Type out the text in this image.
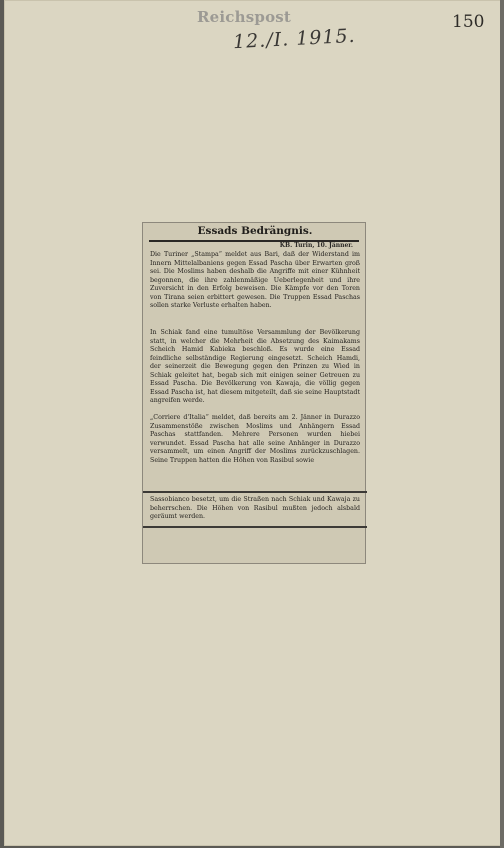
Reichspost	150
12./I. 1915.
Essads Bedrängnis.
KB. Turin, 10. Jänner.

Die Turiner „Stampa“ meldet aus Bari, daß der Widerstand im Innern Mittelalbaniens gegen Essad Pascha über Erwarten groß sei. Die Moslims haben deshalb die Angriffe mit einer Kühnheit begonnen, die ihre zahlenmäßige Ueberlegenheit und ihre Zuversicht in den Erfolg beweisen. Die Kämpfe vor den Toren von Tirana seien erbittert gewesen. Die Truppen Essad Paschas sollen starke Verluste erhalten haben.

In Schiak fand eine tumultöse Versammlung der Bevölkerung statt, in welcher die Mehrheit die Absetzung des Kaimakams Scheich Hamid Kabieka beschloß. Es wurde eine Essad feindliche selbständige Regierung eingesetzt. Scheich Hamdi, der seinerzeit die Bewegung gegen den Prinzen zu Wied in Schiak geleitet hat, begab sich mit einigen seiner Getreuen zu Essad Pascha. Die Bevölkerung von Kawaja, die völlig gegen Essad Pascha ist, hat diesem mitgeteilt, daß sie seine Hauptstadt angreifen werde.

„Corriere d'Italia“ meldet, daß bereits am 2. Jänner in Durazzo Zusammenstöße zwischen Moslims und Anhängern Essad Paschas stattfanden. Mehrere Personen wurden hiebei verwundet. Essad Pascha hat alle seine Anhänger in Durazzo versammelt, um einen Angriff der Moslims zurückzuschlagen. Seine Truppen hatten die Höhen von Rasibul sowie

Sassobianco besetzt, um die Straßen nach Schiak und Kawaja zu beherrschen. Die Höhen von Rasibul mußten jedoch alsbald geräumt werden.
